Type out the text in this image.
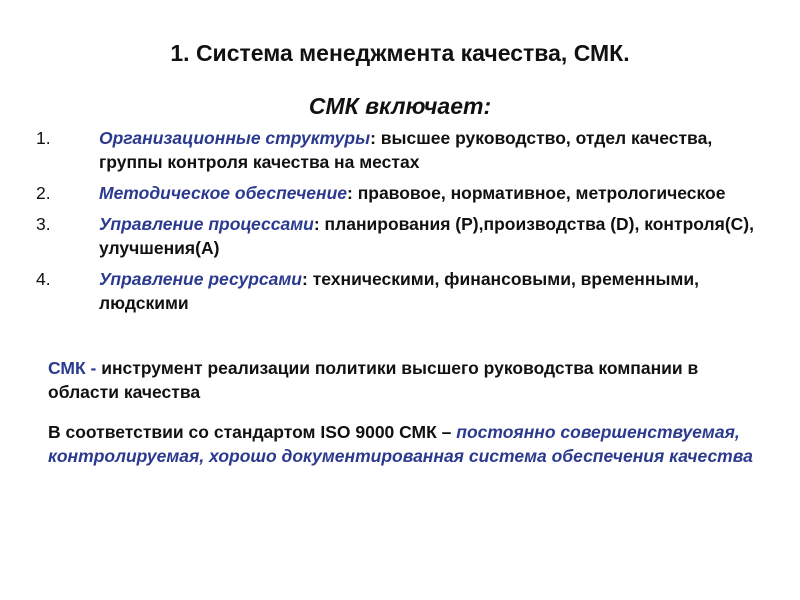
1. Система менеджмента качества, СМК.
СМК включает:
1.	Организационные структуры: высшее руководство, отдел качества, группы контроля качества на местах
2.	Методическое обеспечение: правовое, нормативное, метрологическое
3.	Управление процессами: планирования (P),производства (D), контроля(C), улучшения(A)
4.	Управление ресурсами: техническими, финансовыми, временными, людскими
СМК - инструмент реализации политики высшего руководства компании в области качества
В соответствии со стандартом ISO 9000 СМК – постоянно совершенствуемая, контролируемая, хорошо документированная система обеспечения качества
